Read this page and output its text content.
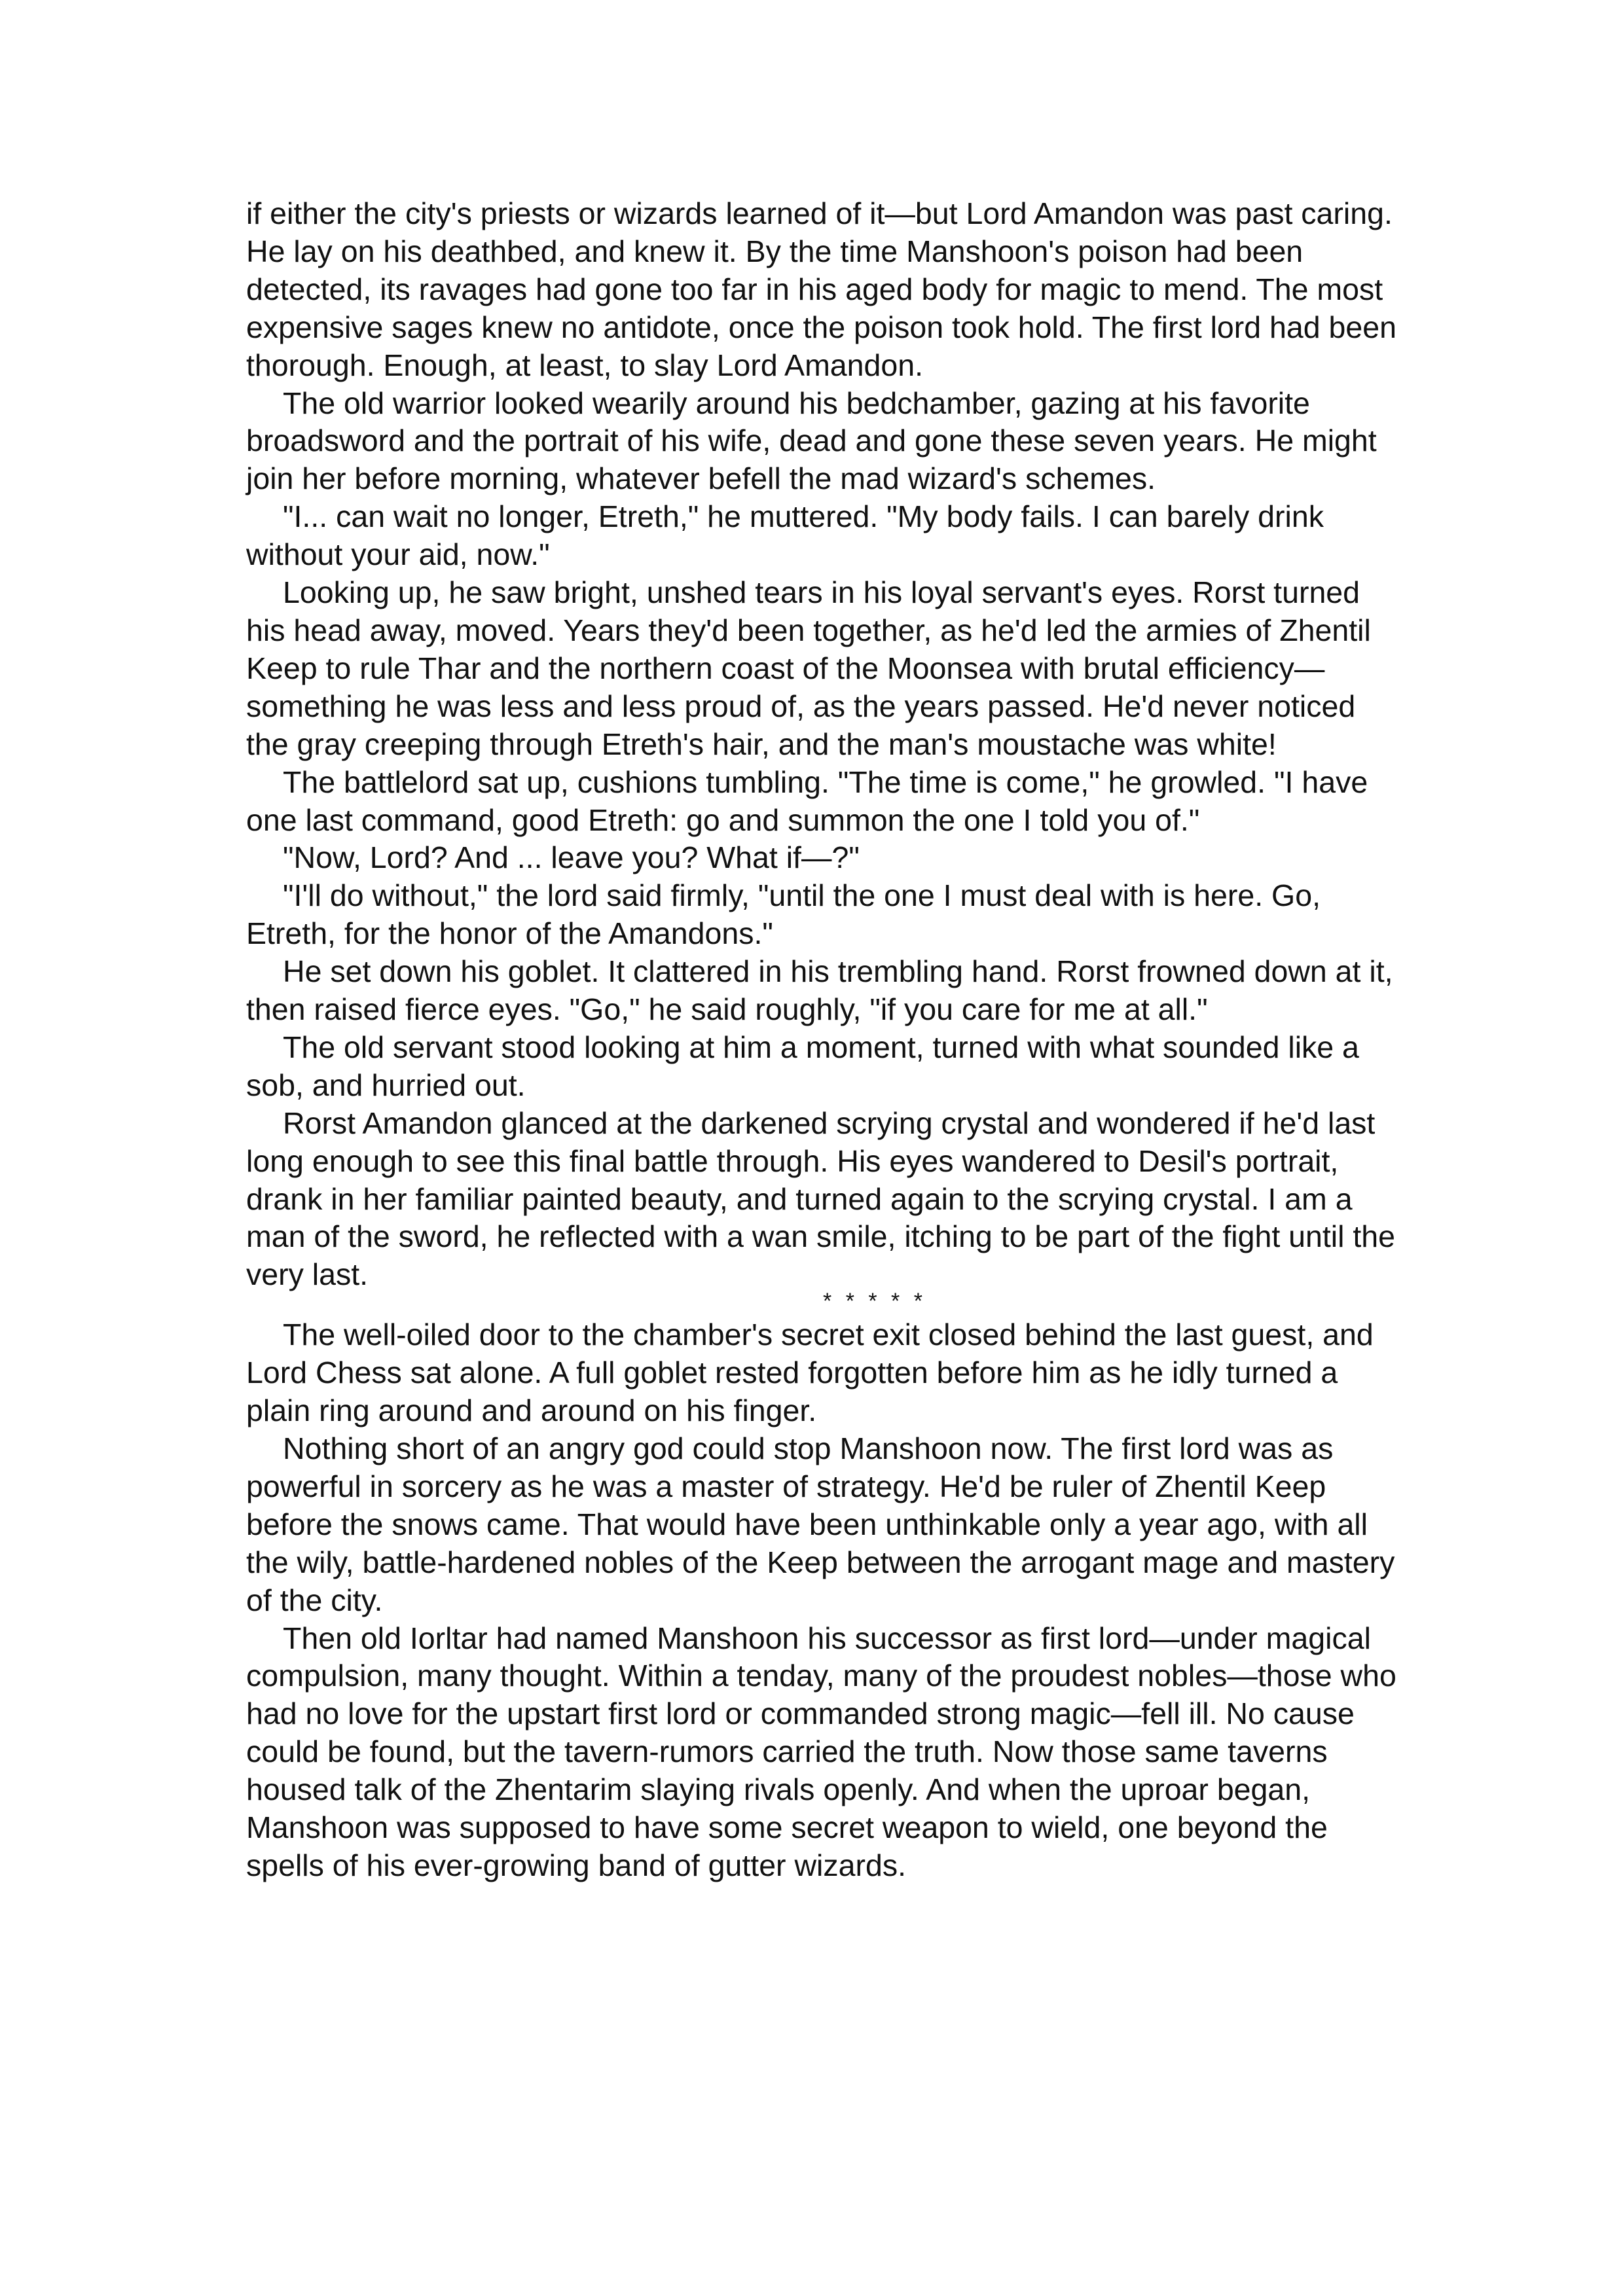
if either the city's priests or wizards learned of it—but Lord Amandon was past caring. He lay on his deathbed, and knew it. By the time Manshoon's poison had been detected, its ravages had gone too far in his aged body for magic to mend. The most expensive sages knew no antidote, once the poison took hold. The first lord had been thorough. Enough, at least, to slay Lord Amandon.

The old warrior looked wearily around his bedchamber, gazing at his favorite broadsword and the portrait of his wife, dead and gone these seven years. He might join her before morning, whatever befell the mad wizard's schemes.

"I... can wait no longer, Etreth," he muttered. "My body fails. I can barely drink without your aid, now."

Looking up, he saw bright, unshed tears in his loyal servant's eyes. Rorst turned his head away, moved. Years they'd been together, as he'd led the armies of Zhentil Keep to rule Thar and the northern coast of the Moonsea with brutal efficiency—something he was less and less proud of, as the years passed. He'd never noticed the gray creeping through Etreth's hair, and the man's moustache was white!

The battlelord sat up, cushions tumbling. "The time is come," he growled. "I have one last command, good Etreth: go and summon the one I told you of."

"Now, Lord? And ... leave you? What if—?"

"I'll do without," the lord said firmly, "until the one I must deal with is here. Go, Etreth, for the honor of the Amandons."

He set down his goblet. It clattered in his trembling hand. Rorst frowned down at it, then raised fierce eyes. "Go," he said roughly, "if you care for me at all."

The old servant stood looking at him a moment, turned with what sounded like a sob, and hurried out.

Rorst Amandon glanced at the darkened scrying crystal and wondered if he'd last long enough to see this final battle through. His eyes wandered to Desil's portrait, drank in her familiar painted beauty, and turned again to the scrying crystal. I am a man of the sword, he reflected with a wan smile, itching to be part of the fight until the very last.

* * * * *

The well-oiled door to the chamber's secret exit closed behind the last guest, and Lord Chess sat alone. A full goblet rested forgotten before him as he idly turned a plain ring around and around on his finger.

Nothing short of an angry god could stop Manshoon now. The first lord was as powerful in sorcery as he was a master of strategy. He'd be ruler of Zhentil Keep before the snows came. That would have been unthinkable only a year ago, with all the wily, battle-hardened nobles of the Keep between the arrogant mage and mastery of the city.

Then old Iorltar had named Manshoon his successor as first lord—under magical compulsion, many thought. Within a tenday, many of the proudest nobles—those who had no love for the upstart first lord or commanded strong magic—fell ill. No cause could be found, but the tavern-rumors carried the truth. Now those same taverns housed talk of the Zhentarim slaying rivals openly. And when the uproar began, Manshoon was supposed to have some secret weapon to wield, one beyond the spells of his ever-growing band of gutter wizards.
